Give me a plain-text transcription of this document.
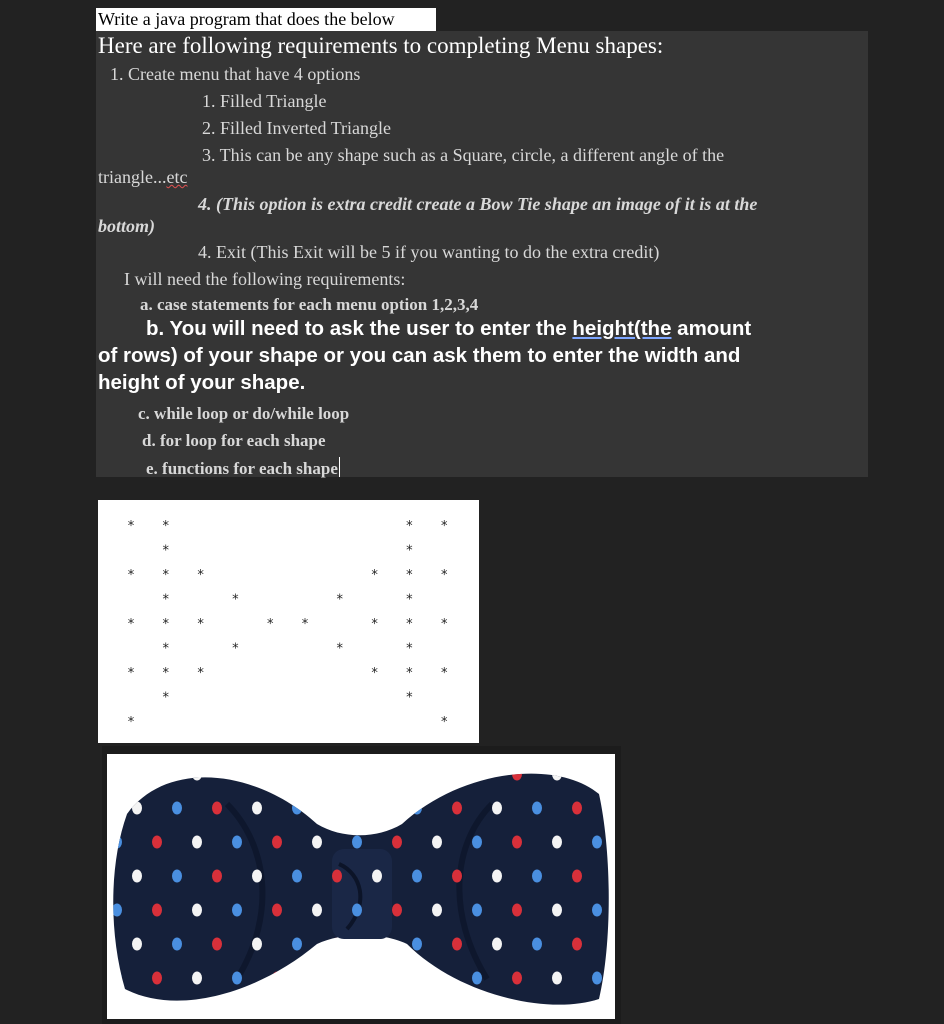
Write a java program that does the below
Here are following requirements to completing Menu shapes:
1. Create menu that have 4 options
1. Filled Triangle
2. Filled Inverted Triangle
3. This can be any shape such as a Square, circle, a different angle of the
triangle...etc
4. (This option is extra credit create a Bow Tie shape an image of it is at the
bottom)
4. Exit (This Exit will be 5 if you wanting to do the extra credit)
I will need the following requirements:
a. case statements for each menu option 1,2,3,4
b. You will need to ask the user to enter the height(the amount
of rows) of your shape or you can ask them to enter the width and
height of your shape.
c. while loop or do/while loop
d. for loop for each shape
e. functions for each shape
* *	* *
*	*
* * *	* * *
*	*	*	*
* * *	* *	* * *
*	*	*	*
* * *	* * *
*	*
*	*
